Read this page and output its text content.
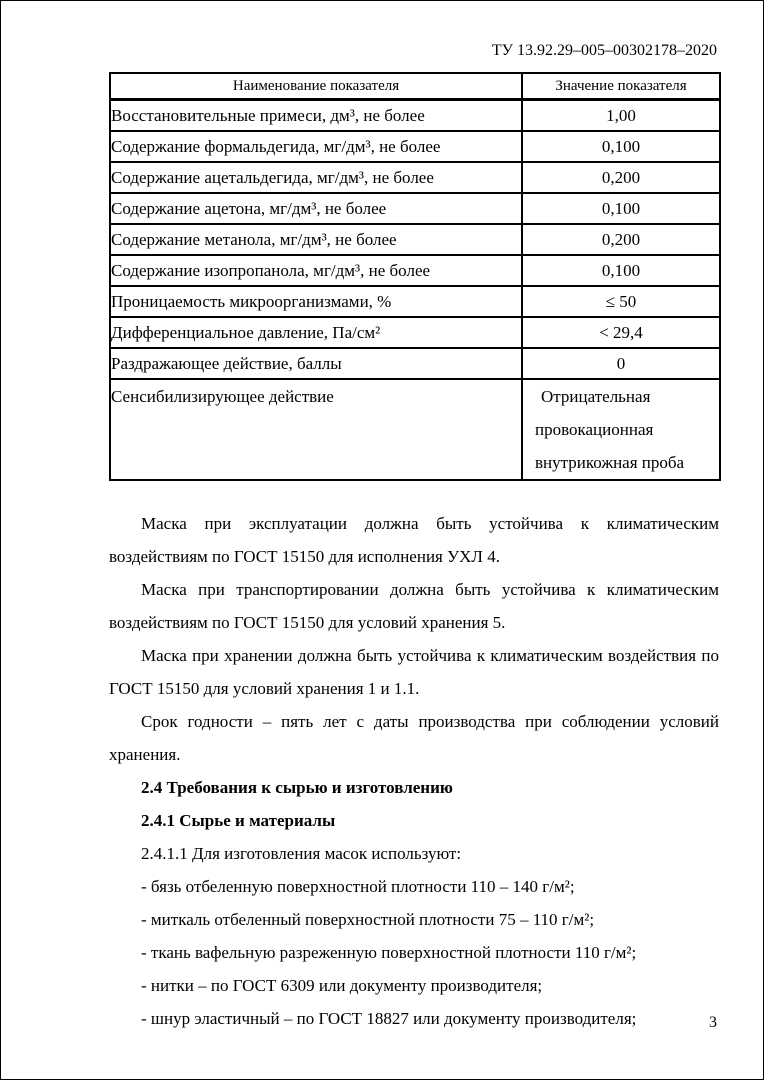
ТУ 13.92.29–005–00302178–2020
Наименование показателя	Значение показателя
Восстановительные примеси, дм³, не более	1,00
Содержание формальдегида, мг/дм³, не более	0,100
Содержание ацетальдегида, мг/дм³, не более	0,200
Содержание ацетона, мг/дм³, не более	0,100
Содержание метанола, мг/дм³, не более	0,200
Содержание изопропанола, мг/дм³, не более	0,100
Проницаемость микроорганизмами, %	≤ 50
Дифференциальное давление, Па/см²	< 29,4
Раздражающее действие, баллы	0
Сенсибилизирующее действие	Отрицательная провокационная внутрикожная проба

Маска при эксплуатации должна быть устойчива к климатическим воздействиям по ГОСТ 15150 для исполнения УХЛ 4.

Маска при транспортировании должна быть устойчива к климатическим воздействиям по ГОСТ 15150 для условий хранения 5.

Маска при хранении должна быть устойчива к климатическим воздействия по ГОСТ 15150 для условий хранения 1 и 1.1.

Срок годности – пять лет с даты производства при соблюдении условий хранения.

2.4 Требования к сырью и изготовлению

2.4.1 Сырье и материалы

2.4.1.1 Для изготовления масок используют:

- бязь отбеленную поверхностной плотности 110 – 140 г/м²;

- миткаль отбеленный поверхностной плотности 75 – 110 г/м²;

- ткань вафельную разреженную поверхностной плотности 110 г/м²;

- нитки – по ГОСТ 6309 или документу производителя;

- шнур эластичный – по ГОСТ 18827 или документу производителя;	3
